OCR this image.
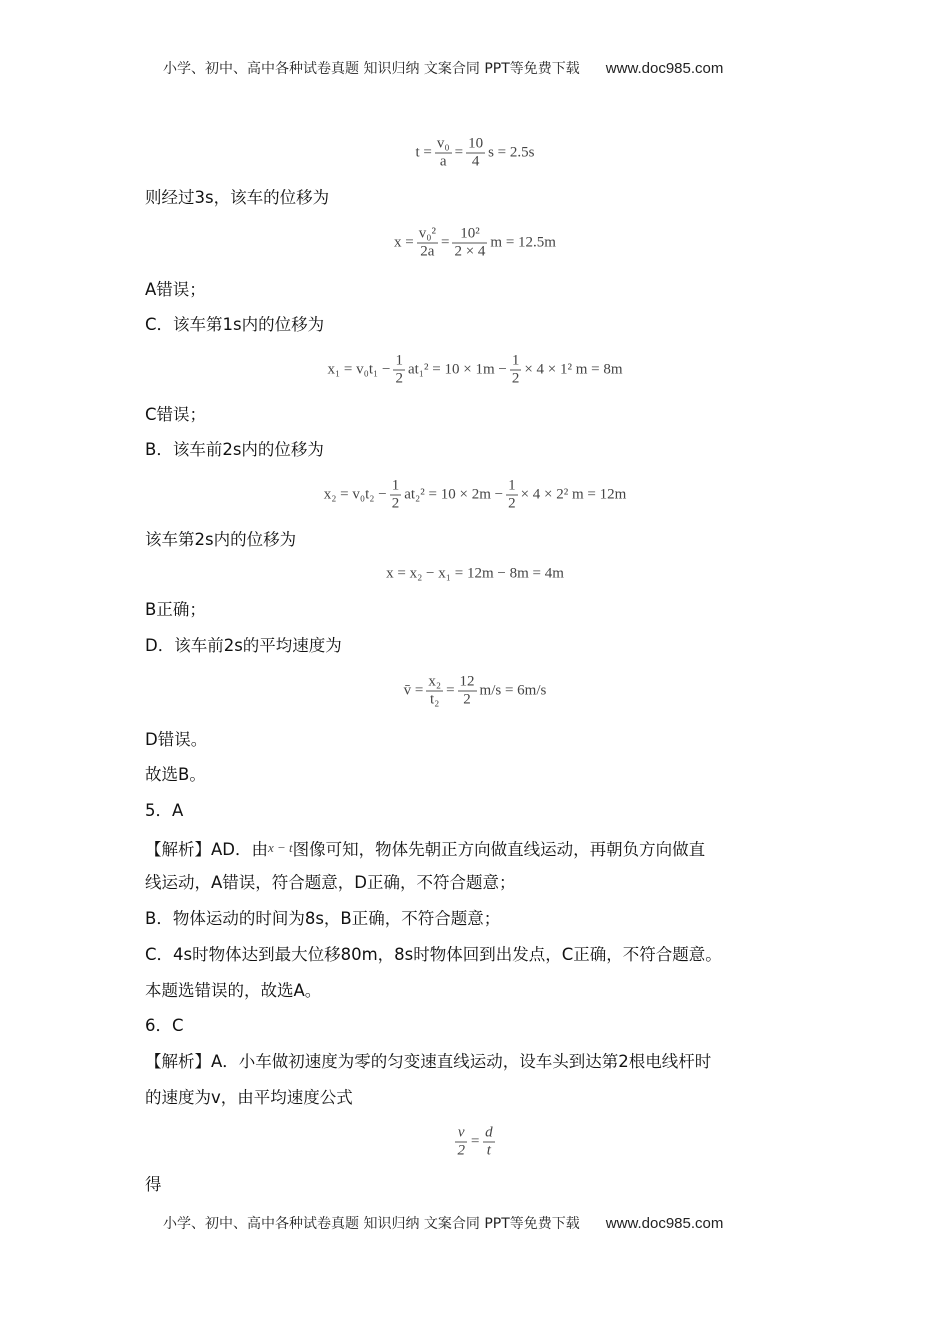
小学、初中、高中各种试卷真题 知识归纳 文案合同 PPT等免费下载 www.doc985.com
$t = \frac{\text{v₀}}{a} = \frac{10}{4}$ s = 2.5s
则经过3s，该车的位移为
$x = \frac{\text{v₀²}}{2a} = \frac{\text{10²}}{2 \times 4}$ m = 12.5m
A错误；
C．该车第1s内的位移为
$x_1 = v_0t_1 - \frac{1}{2} at_1^2 = 10 \times 1m - \frac{1}{2} \times 4 \times 1^2$ m = 8m
C错误；
B．该车前2s内的位移为
$x_2 = v_0t_2 - \frac{1}{2} at_2^2 = 10 \times 2m - \frac{1}{2} \times 4 \times 2^2$ m = 12m
该车第2s内的位移为
x = x₂ − x₁ = 12m − 8m = 4m
B正确；
D．该车前2s的平均速度为
v̄ = $\frac{\text{x₂}}{\text{t₂}} = \frac{12}{2} m/s = 6m/s$
D错误。
故选B。
5．A
【解析】AD．由x − t图像可知，物体先朝正方向做直线运动，再朝负方向做直
线运动，A错误，符合题意，D正确，不符合题意；
B．物体运动的时间为8s，B正确，不符合题意；
C．4s时物体达到最大位移80m，8s时物体回到出发点，C正确，不符合题意。
本题选错误的，故选A。
6．C
【解析】A．小车做初速度为零的匀变速直线运动，设车头到达第2根电线杆时
的速度为v，由平均速度公式
$\frac{v}{2} = \frac{d}{t}$
得
小学、初中、高中各种试卷真题 知识归纳 文案合同 PPT等免费下载 www.doc985.com
